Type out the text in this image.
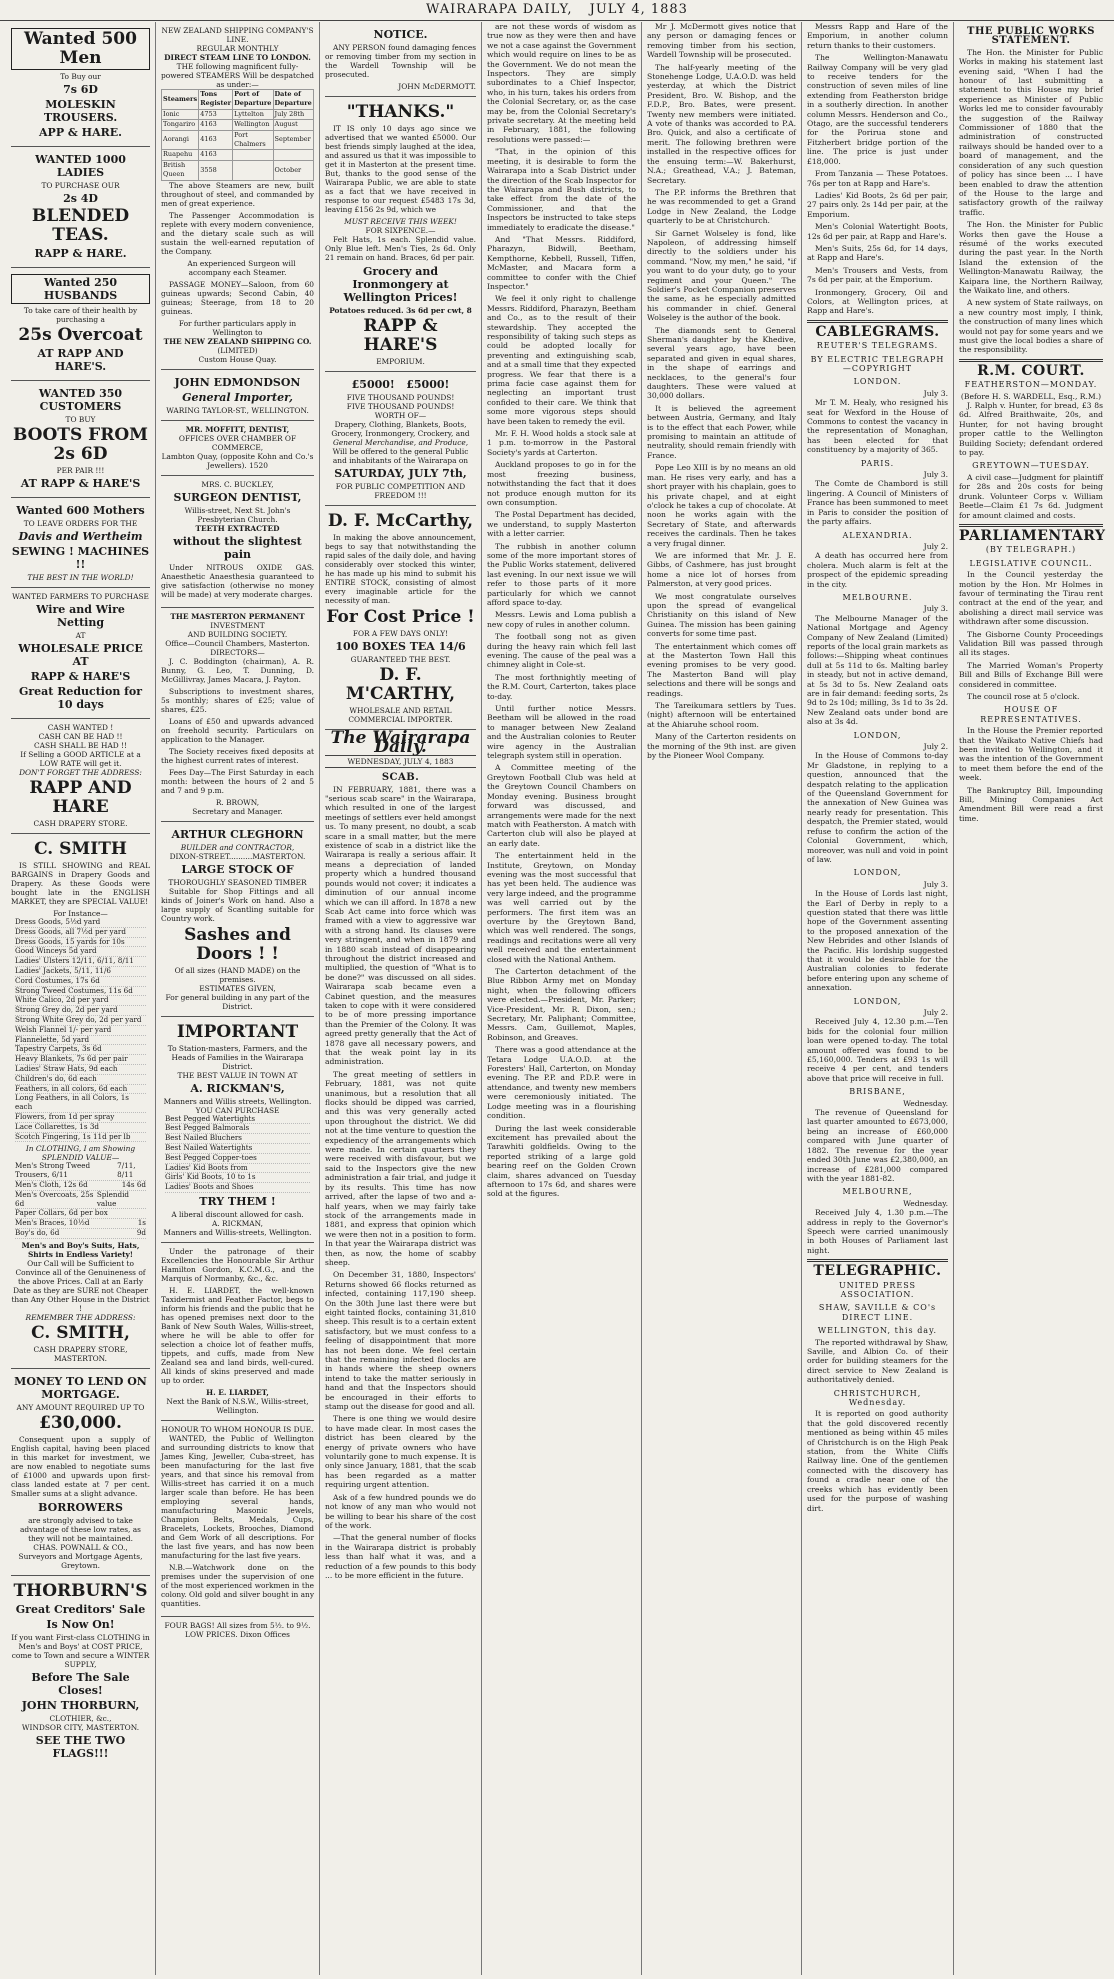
WAIRARAPA DAILY, JULY 4, 1883
Wanted 500 Men
To Buy our
7s 6D
MOLESKIN TROUSERS.
APP & HARE.
WANTED 1000 LADIES
TO PURCHASE OUR
2s 4D
BLENDED TEAS.
RAPP & HARE.
Wanted 250 HUSBANDS
To take care of their health by purchasing a
25s Overcoat
AT RAPP AND HARE'S.
WANTED 350 CUSTOMERS
TO BUY
BOOTS FROM 2s 6D
PER PAIR !!!
AT RAPP & HARE'S
Wanted 600 Mothers
TO LEAVE ORDERS FOR THE
Davis and Wertheim
SEWING ! MACHINES !!
THE BEST IN THE WORLD!
WANTED FARMERS TO PURCHASE
Wire and Wire Netting
AT
WHOLESALE PRICE AT
RAPP & HARE'S
Great Reduction for 10 days
CASH WANTED !
CASH CAN BE HAD !!
CASH SHALL BE HAD !!
If Selling a GOOD ARTICLE at a LOW RATE will get it.
DON'T FORGET THE ADDRESS:
RAPP AND HARE
CASH DRAPERY STORE.
C. SMITH

IS STILL SHOWING and REAL BARGAINS in Drapery Goods and Drapery. As these Goods were bought late in the ENGLISH MARKET, they are SPECIAL VALUE!

For Instance—
Dress Goods, 5½d yard
Dress Goods, all 7½d per yard
Dress Goods, 15 yards for 10s
Good Winceys 5d yard
Ladies' Ulsters 12/11, 6/11, 8/11
Ladies' Jackets, 5/11, 11/6
Cord Costumes, 17s 6d
Strong Tweed Costumes, 11s 6d
White Calico, 2d per yard
Strong Grey do, 2d per yard
Strong White Grey do, 2d per yard
Welsh Flannel 1/- per yard
Flannelette, 5d yard
Tapestry Carpets, 3s 6d
Heavy Blankets, 7s 6d per pair
Ladies' Straw Hats, 9d each
Children's do, 6d each
Feathers, in all colors, 6d each
Long Feathers, in all Colors, 1s each
Flowers, from 1d per spray
Lace Collarettes, 1s 3d
Scotch Fingering, 1s 11d per lb
In CLOTHING, I am Showing SPLENDID VALUE—
Men's Strong Tweed Trousers, 6/11
7/11, 8/11
Men's Cloth, 12s 6d	14s 6d
Men's Overcoats, 25s 6d
Splendid value
Paper Collars, 6d per box
Men's Braces, 10½d	1s
Boy's do, 6d	9d
Men's and Boy's Suits, Hats, Shirts in Endless Variety!
Our Call will be Sufficient to Convince all of the Genuineness of the above Prices. Call at an Early Date as they are SURE not Cheaper than Any Other House in the District !
REMEMBER THE ADDRESS:
C. SMITH,
CASH DRAPERY STORE, MASTERTON.
MONEY TO LEND ON MORTGAGE.
ANY AMOUNT REQUIRED UP TO
£30,000.

Consequent upon a supply of English capital, having been placed in this market for investment, we are now enabled to negotiate sums of £1000 and upwards upon first-class landed estate at 7 per cent. Smaller sums at a slight advance.

BORROWERS
are strongly advised to take advantage of these low rates, as they will not be maintained.
CHAS. POWNALL & CO.,
Surveyors and Mortgage Agents, Greytown.
THORBURN'S
Great Creditors' Sale
Is Now On!
If you want First-class CLOTHING in Men's and Boys' at COST PRICE, come to Town and secure a WINTER SUPPLY,
Before The Sale Closes!
JOHN THORBURN,
CLOTHIER, &c.,
WINDSOR CITY, MASTERTON.
SEE THE TWO FLAGS!!!
NEW ZEALAND SHIPPING COMPANY'S LINE.
REGULAR MONTHLY
DIRECT STEAM LINE TO LONDON.
THE following magnificent fully-powered STEAMERS Will be despatched as under:—
Steamers	Tons Register	Port of Departure	Date of Departure
Ionic	4753	Lyttelton	July 28th
Tongariro	4163	Wellington	August
Aorangi	4163	Port Chalmers	September
Ruapehu	4163		
British Queen	3558		October

The above Steamers are new, built throughout of steel, and commanded by men of great experience.

The Passenger Accommodation is replete with every modern convenience, and the dietary scale such as will sustain the well-earned reputation of the Company.

An experienced Surgeon will accompany each Steamer.

PASSAGE MONEY—Saloon, from 60 guineas upwards; Second Cabin, 40 guineas; Steerage, from 18 to 20 guineas.

For further particulars apply in Wellington to
THE NEW ZEALAND SHIPPING CO.
(LIMITED)
Custom House Quay.
JOHN EDMONDSON
General Importer,
WARING TAYLOR-ST., WELLINGTON.
MR. MOFFITT, DENTIST,
OFFICES OVER CHAMBER OF COMMERCE,
Lambton Quay, (opposite Kohn and Co.'s Jewellers). 1520
MRS. C. BUCKLEY,
SURGEON DENTIST,
Willis-street, Next St. John's Presbyterian Church.
TEETH EXTRACTED
without the slightest pain

Under NITROUS OXIDE GAS. Anaesthetic Anaesthesia guaranteed to give satisfaction (otherwise no money will be made) at very moderate charges.

THE MASTERTON PERMANENT
INVESTMENT
AND BUILDING SOCIETY.
Office—Council Chambers, Masterton.
DIRECTORS—

J. C. Boddington (chairman), A. R. Bunny, G. Leo, T. Dunning, D. McGillivray, James Macara, J. Payton.

Subscriptions to investment shares, 5s monthly; shares of £25; value of shares, £25.

Loans of £50 and upwards advanced on freehold security. Particulars on application to the Manager.

The Society receives fixed deposits at the highest current rates of interest.

Fees Day—The First Saturday in each month: between the hours of 2 and 5 and 7 and 9 p.m.

R. BROWN,
Secretary and Manager.
ARTHUR CLEGHORN
BUILDER and CONTRACTOR,
DIXON-STREET..........MASTERTON.
LARGE STOCK OF
THOROUGHLY SEASONED TIMBER

Suitable for Shop Fittings and all kinds of Joiner's Work on hand. Also a large supply of Scantling suitable for Country work.

Sashes and Doors ! !
Of all sizes (HAND MADE) on the premises.
ESTIMATES GIVEN,
For general building in any part of the District.
IMPORTANT
To Station-masters, Farmers, and the Heads of Families in the Wairarapa District.
THE BEST VALUE IN TOWN AT
A. RICKMAN'S,
Manners and Willis streets, Wellington.
YOU CAN PURCHASE
Best Pegged Watertights
Best Pegged Balmorals
Best Nailed Bluchers
Best Nailed Watertights
Best Pegged Copper-toes
Ladies' Kid Boots from
Girls' Kid Boots, 10 to 1s
Ladies' Boots and Shoes
TRY THEM !
A liberal discount allowed for cash.
A. RICKMAN,
Manners and Willis-streets, Wellington.

Under the patronage of their Excellencies the Honourable Sir Arthur Hamilton Gordon, K.C.M.G., and the Marquis of Normanby, &c., &c.

H. E. LIARDET, the well-known Taxidermist and Feather Factor, begs to inform his friends and the public that he has opened premises next door to the Bank of New South Wales, Willis-street, where he will be able to offer for selection a choice lot of feather muffs, tippets, and cuffs, made from New Zealand sea and land birds, well-cured. All kinds of skins preserved and made up to order.

H. E. LIARDET,
Next the Bank of N.S.W., Willis-street, Wellington.
HONOUR TO WHOM HONOUR IS DUE.

WANTED, the Public of Wellington and surrounding districts to know that James King, Jeweller, Cuba-street, has been manufacturing for the last five years, and that since his removal from Willis-street has carried it on a much larger scale than before. He has been employing several hands, manufacturing Masonic Jewels, Champion Belts, Medals, Cups, Bracelets, Lockets, Brooches, Diamond and Gem Work of all descriptions. For the last five years, and has now been manufacturing for the last five years.

N.B.—Watchwork done on the premises under the supervision of one of the most experienced workmen in the colony. Old gold and silver bought in any quantities.

FOUR BAGS! All sizes from 5½. to 9½. LOW PRICES. Dixon Offices
NOTICE.

ANY PERSON found damaging fences or removing timber from my section in the Wardell Township will be prosecuted.

JOHN McDERMOTT.
"THANKS."

IT IS only 10 days ago since we advertised that we wanted £5000. Our best friends simply laughed at the idea, and assured us that it was impossible to get it in Masterton at the present time. But, thanks to the good sense of the Wairarapa Public, we are able to state as a fact that we have received in response to our request £5483 17s 3d, leaving £156 2s 9d, which we

MUST RECEIVE THIS WEEK!
FOR SIXPENCE.—

Felt Hats, 1s each. Splendid value. Only Blue left. Men's Ties, 2s 6d. Only 21 remain on hand. Braces, 6d per pair.

Grocery and Ironmongery at Wellington Prices!
Potatoes reduced. 3s 6d per cwt, 8
RAPP & HARE'S
EMPORIUM.
£5000! £5000!
FIVE THOUSAND POUNDS!
FIVE THOUSAND POUNDS!
WORTH OF—
Drapery, Clothing, Blankets, Boots, Grocery, Ironmongery, Crockery, and
General Merchandise, and Produce,
Will be offered to the general Public and inhabitants of the Wairarapa on
SATURDAY, JULY 7th,
FOR PUBLIC COMPETITION AND FREEDOM !!!
D. F. McCarthy,

In making the above announcement, begs to say that notwithstanding the rapid sales of the daily dole, and having considerably over stocked this winter, he has made up his mind to submit his ENTIRE STOCK, consisting of almost every imaginable article for the necessity of man.

For Cost Price !
FOR A FEW DAYS ONLY!
100 BOXES TEA 14/6
GUARANTEED THE BEST.
D. F. M'CARTHY,
WHOLESALE AND RETAIL COMMERCIAL IMPORTER.
The Wairarapa Daily.
WEDNESDAY, JULY 4, 1883
SCAB.

IN FEBRUARY, 1881, there was a "serious scab scare" in the Wairarapa, which resulted in one of the largest meetings of settlers ever held amongst us. To many present, no doubt, a scab scare in a small matter, but the mere existence of scab in a district like the Wairarapa is really a serious affair. It means a depreciation of landed property which a hundred thousand pounds would not cover; it indicates a diminution of our annual income which we can ill afford. In 1878 a new Scab Act came into force which was framed with a view to aggressive war with a strong hand. Its clauses were very stringent, and when in 1879 and in 1880 scab instead of disappearing throughout the district increased and multiplied, the question of "What is to be done?" was discussed on all sides. Wairarapa scab became even a Cabinet question, and the measures taken to cope with it were considered to be of more pressing importance than the Premier of the Colony. It was agreed pretty generally that the Act of 1878 gave all necessary powers, and that the weak point lay in its administration.

The great meeting of settlers in February, 1881, was not quite unanimous, but a resolution that all flocks should be dipped was carried, and this was very generally acted upon throughout the district. We did not at the time venture to question the expediency of the arrangements which were made. In certain quarters they were received with disfavour, but we said to the Inspectors give the new administration a fair trial, and judge it by its results. This time has now arrived, after the lapse of two and a-half years, when we may fairly take stock of the arrangements made in 1881, and express that opinion which we were then not in a position to form. In that year the Wairarapa district was then, as now, the home of scabby sheep.

On December 31, 1880, Inspectors' Returns showed 66 flocks returned as infected, containing 117,190 sheep. On the 30th June last there were but eight tainted flocks, containing 31,810 sheep. This result is to a certain extent satisfactory, but we must confess to a feeling of disappointment that more has not been done. We feel certain that the remaining infected flocks are in hands where the sheep owners intend to take the matter seriously in hand and that the Inspectors should be encouraged in their efforts to stamp out the disease for good and all.

There is one thing we would desire to have made clear. In most cases the district has been cleared by the energy of private owners who have voluntarily gone to much expense. It is only since January, 1881, that the scab has been regarded as a matter requiring urgent attention.

Ask of a few hundred pounds we do not know of any man who would not be willing to bear his share of the cost of the work.

—That the general number of flocks in the Wairarapa district is probably less than half what it was, and a reduction of a few pounds to this body ... to be more efficient in the future.

are not these words of wisdom as true now as they were then and have we not a case against the Government which would require on lines to be as the Government. We do not mean the Inspectors. They are simply subordinates to a Chief Inspector, who, in his turn, takes his orders from the Colonial Secretary, or, as the case may be, from the Colonial Secretary's private secretary. At the meeting held in February, 1881, the following resolutions were passed:—

"That, in the opinion of this meeting, it is desirable to form the Wairarapa into a Scab District under the direction of the Scab Inspector for the Wairarapa and Bush districts, to take effect from the date of the Commissioner, and that the Inspectors be instructed to take steps immediately to eradicate the disease."

And "That Messrs. Riddiford, Pharazyn, Bidwill, Beetham, Kempthorne, Kebbell, Russell, Tiffen, McMaster, and Macara form a committee to confer with the Chief Inspector."

We feel it only right to challenge Messrs. Riddiford, Pharazyn, Beetham and Co., as to the result of their stewardship. They accepted the responsibility of taking such steps as could be adopted locally for preventing and extinguishing scab, and at a small time that they expected progress. We fear that there is a prima facie case against them for neglecting an important trust confided to their care. We think that some more vigorous steps should have been taken to remedy the evil.

Mr. F. H. Wood holds a stock sale at 1 p.m. to-morrow in the Pastoral Society's yards at Carterton.

Auckland proposes to go in for the most freezing business, notwithstanding the fact that it does not produce enough mutton for its own consumption.

The Postal Department has decided, we understand, to supply Masterton with a letter carrier.

The rubbish in another column some of the more important stores of the Public Works statement, delivered last evening. In our next issue we will refer to those parts of it more particularly for which we cannot afford space to-day.

Messrs. Lewis and Loma publish a new copy of rules in another column.

The football song not as given during the heavy rain which fell last evening. The cause of the peal was a chimney alight in Cole-st.

The most forthnightly meeting of the R.M. Court, Carterton, takes place to-day.

Until further notice Messrs. Beetham will be allowed in the road to manager between New Zealand and the Australian colonies to Reuter wire agency in the Australian telegraph system still in operation.

A Committee meeting of the Greytown Football Club was held at the Greytown Council Chambers on Monday evening. Business brought forward was discussed, and arrangements were made for the next match with Featherston. A match with Carterton club will also be played at an early date.

The entertainment held in the Institute, Greytown, on Monday evening was the most successful that has yet been held. The audience was very large indeed, and the programme was well carried out by the performers. The first item was an overture by the Greytown Band, which was well rendered. The songs, readings and recitations were all very well received and the entertainment closed with the National Anthem.

The Carterton detachment of the Blue Ribbon Army met on Monday night, when the following officers were elected.—President, Mr. Parker; Vice-President, Mr. R. Dixon, sen.; Secretary, Mr. Paliphant; Committee, Messrs. Cam, Guillemot, Maples, Robinson, and Greaves.

There was a good attendance at the Tetara Lodge U.A.O.D. at the Foresters' Hall, Carterton, on Monday evening. The P.P. and P.D.P. were in attendance, and twenty new members were ceremoniously initiated. The Lodge meeting was in a flourishing condition.

During the last week considerable excitement has prevailed about the Tarawhiti goldfields. Owing to the reported striking of a large gold bearing reef on the Golden Crown claim, shares advanced on Tuesday afternoon to 17s 6d, and shares were sold at the figures.

Mr J. McDermott gives notice that any person or damaging fences or removing timber from his section, Wardell Township will be prosecuted.

The half-yearly meeting of the Stonehenge Lodge, U.A.O.D. was held yesterday, at which the District President, Bro. W. Bishop, and the F.D.P., Bro. Bates, were present. Twenty new members were initiated. A vote of thanks was accorded to P.A. Bro. Quick, and also a certificate of merit. The following brethren were installed in the respective offices for the ensuing term:—W. Bakerhurst, N.A.; Greathead, V.A.; J. Bateman, Secretary.

The P.P. informs the Brethren that he was recommended to get a Grand Lodge in New Zealand, the Lodge quarterly to be at Christchurch.

Sir Garnet Wolseley is fond, like Napoleon, of addressing himself directly to the soldiers under his command. "Now, my men," he said, "if you want to do your duty, go to your regiment and your Queen." The Soldier's Pocket Companion preserves the same, as he especially admitted his commander in chief. General Wolseley is the author of the book.

The diamonds sent to General Sherman's daughter by the Khedive, several years ago, have been separated and given in equal shares, in the shape of earrings and necklaces, to the general's four daughters. These were valued at 30,000 dollars.

It is believed the agreement between Austria, Germany, and Italy is to the effect that each Power, while promising to maintain an attitude of neutrality, should remain friendly with France.

Pope Leo XIII is by no means an old man. He rises very early, and has a short prayer with his chaplain, goes to his private chapel, and at eight o'clock he takes a cup of chocolate. At noon he works again with the Secretary of State, and afterwards receives the cardinals. Then he takes a very frugal dinner.

We are informed that Mr. J. E. Gibbs, of Cashmere, has just brought home a nice lot of horses from Palmerston, at very good prices.

We most congratulate ourselves upon the spread of evangelical Christianity on this island of New Guinea. The mission has been gaining converts for some time past.

The entertainment which comes off at the Masterton Town Hall this evening promises to be very good. The Masterton Band will play selections and there will be songs and readings.

The Tareikumara settlers by Tues. (night) afternoon will be entertained at the Ahiaruhe school room.

Many of the Carterton residents on the morning of the 9th inst. are given by the Pioneer Wool Company.

Messrs Rapp and Hare of the Emporium, in another column return thanks to their customers.

The Wellington-Manawatu Railway Company will be very glad to receive tenders for the construction of seven miles of line extending from Featherston bridge in a southerly direction. In another column Messrs. Henderson and Co., Otago, are the successful tenderers for the Porirua stone and Fitzherbert bridge portion of the line. The price is just under £18,000.

From Tanzania — These Potatoes. 76s per ton at Rapp and Hare's.

Ladies' Kid Boots, 2s 6d per pair, 27 pairs only. 2s 14d per pair, at the Emporium.

Men's Colonial Watertight Boots, 12s 6d per pair, at Rapp and Hare's.

Men's Suits, 25s 6d, for 14 days, at Rapp and Hare's.

Men's Trousers and Vests, from 7s 6d per pair, at the Emporium.

Ironmongery, Grocery, Oil and Colors, at Wellington prices, at Rapp and Hare's.

CABLEGRAMS.
REUTER'S TELEGRAMS.
BY ELECTRIC TELEGRAPH—COPYRIGHT
LONDON.
July 3.

Mr T. M. Healy, who resigned his seat for Wexford in the House of Commons to contest the vacancy in the representation of Monaghan, has been elected for that constituency by a majority of 365.

PARIS.
July 3.

The Comte de Chambord is still lingering. A Council of Ministers of France has been summoned to meet in Paris to consider the position of the party affairs.

ALEXANDRIA.
July 2.

A death has occurred here from cholera. Much alarm is felt at the prospect of the epidemic spreading in the city.

MELBOURNE.
July 3.

The Melbourne Manager of the National Mortgage and Agency Company of New Zealand (Limited) reports of the local grain markets as follows:—Shipping wheat continues dull at 5s 11d to 6s. Malting barley in steady, but not in active demand, at 5s 3d to 5s. New Zealand oats are in fair demand: feeding sorts, 2s 9d to 2s 10d; milling, 3s 1d to 3s 2d. New Zealand oats under bond are also at 3s 4d.

LONDON,
July 2.

In the House of Commons to-day Mr Gladstone, in replying to a question, announced that the despatch relating to the application of the Queensland Government for the annexation of New Guinea was nearly ready for presentation. This despatch, the Premier stated, would refuse to confirm the action of the Colonial Government, which, moreover, was null and void in point of law.

LONDON,
July 3.

In the House of Lords last night, the Earl of Derby in reply to a question stated that there was little hope of the Government assenting to the proposed annexation of the New Hebrides and other Islands of the Pacific. His lordship suggested that it would be desirable for the Australian colonies to federate before entering upon any scheme of annexation.

LONDON,
July 2.

Received July 4, 12.30 p.m.—Ten bids for the colonial four million loan were opened to-day. The total amount offered was found to be £5,160,000. Tenders at £93 1s will receive 4 per cent, and tenders above that price will receive in full.

BRISBANE,
Wednesday.

The revenue of Queensland for last quarter amounted to £673,000, being an increase of £60,000 compared with June quarter of 1882. The revenue for the year ended 30th June was £2,380,000, an increase of £281,000 compared with the year 1881-82.

MELBOURNE,
Wednesday.

Received July 4, 1.30 p.m.—The address in reply to the Governor's Speech were carried unanimously in both Houses of Parliament last night.

TELEGRAPHIC.
UNITED PRESS ASSOCIATION.
SHAW, SAVILLE & CO's DIRECT LINE.
WELLINGTON, this day.

The reported withdrawal by Shaw, Saville, and Albion Co. of their order for building steamers for the direct service to New Zealand is authoritatively denied.

CHRISTCHURCH, Wednesday.

It is reported on good authority that the gold discovered recently mentioned as being within 45 miles of Christchurch is on the High Peak station, from the White Cliffs Railway line. One of the gentlemen connected with the discovery has found a cradle near one of the creeks which has evidently been used for the purpose of washing dirt.

THE PUBLIC WORKS STATEMENT.

The Hon. the Minister for Public Works in making his statement last evening said, "When I had the honour of last submitting a statement to this House my brief experience as Minister of Public Works led me to consider favourably the suggestion of the Railway Commissioner of 1880 that the administration of constructed railways should be handed over to a board of management, and the consideration of any such question of policy has since been ... I have been enabled to draw the attention of the House to the large and satisfactory growth of the railway traffic.

The Hon. the Minister for Public Works then gave the House a résumé of the works executed during the past year. In the North Island the extension of the Wellington-Manawatu Railway, the Kaipara line, the Northern Railway, the Waikato line, and others.

A new system of State railways, on a new country most imply, I think, the construction of many lines which would not pay for some years and we must give the local bodies a share of the responsibility.

R.M. COURT.
FEATHERSTON—MONDAY.
(Before H. S. WARDELL, Esq., R.M.)

J. Ralph v. Hunter, for bread, £3 8s 6d. Alfred Braithwaite, 20s, and Hunter, for not having brought proper cattle to the Wellington Building Society; defendant ordered to pay.

GREYTOWN—TUESDAY.

A civil case—Judgment for plaintiff for 28s and 20s costs for being drunk. Volunteer Corps v. William Beetle—Claim £1 7s 6d. Judgment for amount claimed and costs.

PARLIAMENTARY
(BY TELEGRAPH.)
LEGISLATIVE COUNCIL.

In the Council yesterday the motion by the Hon. Mr Holmes in favour of terminating the Tirau rent contract at the end of the year, and abolishing a direct mail service was withdrawn after some discussion.

The Gisborne County Proceedings Validation Bill was passed through all its stages.

The Married Woman's Property Bill and Bills of Exchange Bill were considered in committee.

The council rose at 5 o'clock.

HOUSE OF REPRESENTATIVES.

In the House the Premier reported that the Waikato Native Chiefs had been invited to Wellington, and it was the intention of the Government to meet them before the end of the week.

The Bankruptcy Bill, Impounding Bill, Mining Companies Act Amendment Bill were read a first time.
